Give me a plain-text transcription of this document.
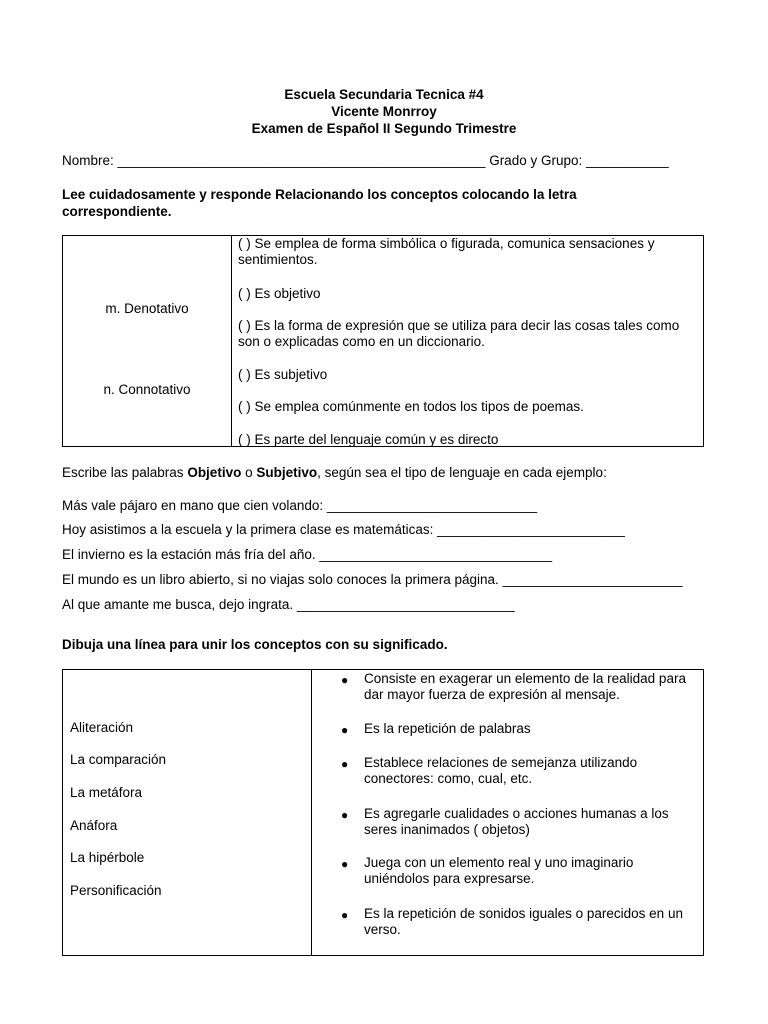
Escuela Secundaria Tecnica #4
Vicente Monrroy
Examen de Español II Segundo Trimestre
Nombre: _________________________________________________ Grado y Grupo: ___________
Lee cuidadosamente y responde Relacionando los conceptos colocando la letra correspondiente.
m. Denotativo
n. Connotativo
( ) Se emplea de forma simbólica o figurada, comunica sensaciones y sentimientos.
( ) Es objetivo
( ) Es la forma de expresión que se utiliza para decir las cosas tales como son o explicadas como en un diccionario.
( ) Es subjetivo
( ) Se emplea comúnmente en todos los tipos de poemas.
( ) Es parte del lenguaje común y es directo
Escribe las palabras Objetivo o Subjetivo, según sea el tipo de lenguaje en cada ejemplo:
Más vale pájaro en mano que cien volando: ____________________________
Hoy asistimos a la escuela y la primera clase es matemáticas: _________________________
El invierno es la estación más fría del año. _______________________________
El mundo es un libro abierto, si no viajas solo conoces la primera página. ________________________
Al que amante me busca, dejo ingrata. _____________________________
Dibuja una línea para unir los conceptos con su significado.
Aliteración
La comparación
La metáfora
Anáfora
La hipérbole
Personificación
● Consiste en exagerar un elemento de la realidad para dar mayor fuerza de expresión al mensaje.
● Es la repetición de palabras
● Establece relaciones de semejanza utilizando conectores: como, cual, etc.
● Es agregarle cualidades o acciones humanas a los seres inanimados ( objetos)
● Juega con un elemento real y uno imaginario uniéndolos para expresarse.
● Es la repetición de sonidos iguales o parecidos en un verso.
